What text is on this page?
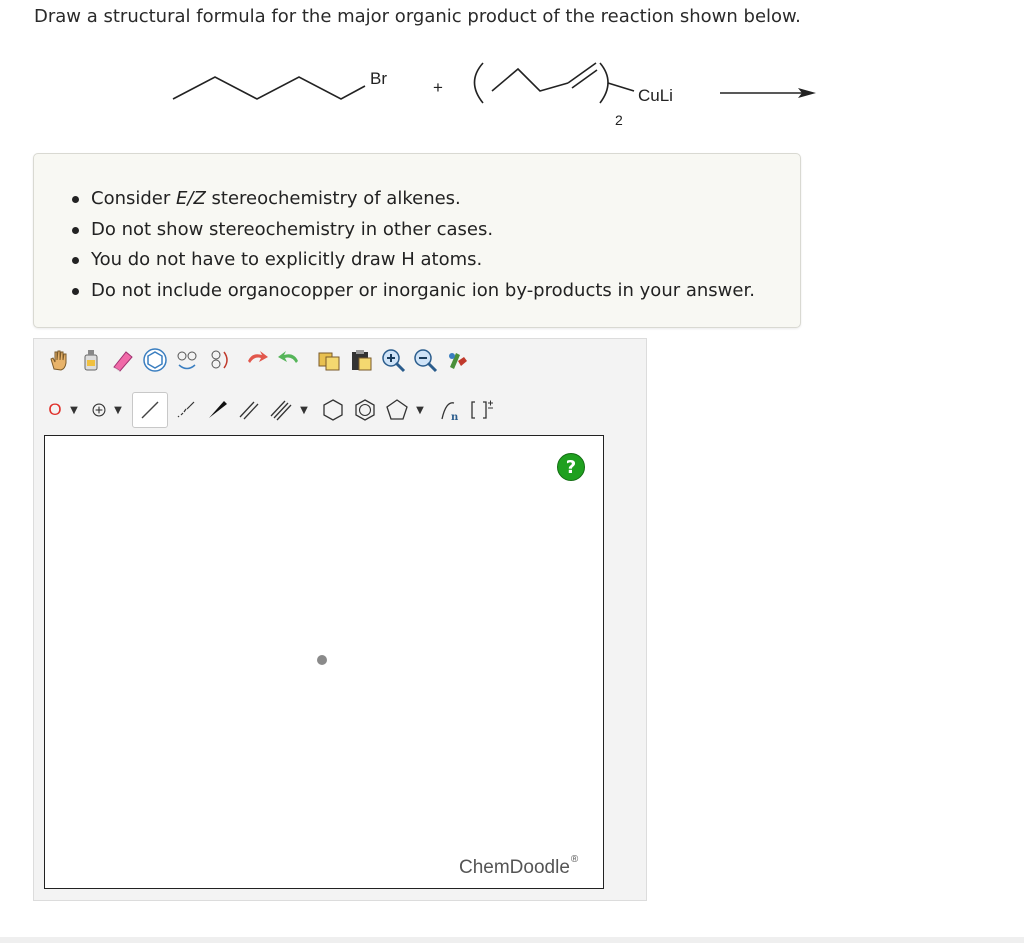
Draw a structural formula for the major organic product of the reaction shown below.
Br	+
2
CuLi
Consider E/Z stereochemistry of alkenes.
Do not show stereochemistry in other cases.
You do not have to explicitly draw H atoms.
Do not include organocopper or inorganic ion by-products in your answer.
O ▼	▼	▼	▼
n
?
ChemDoodle®
